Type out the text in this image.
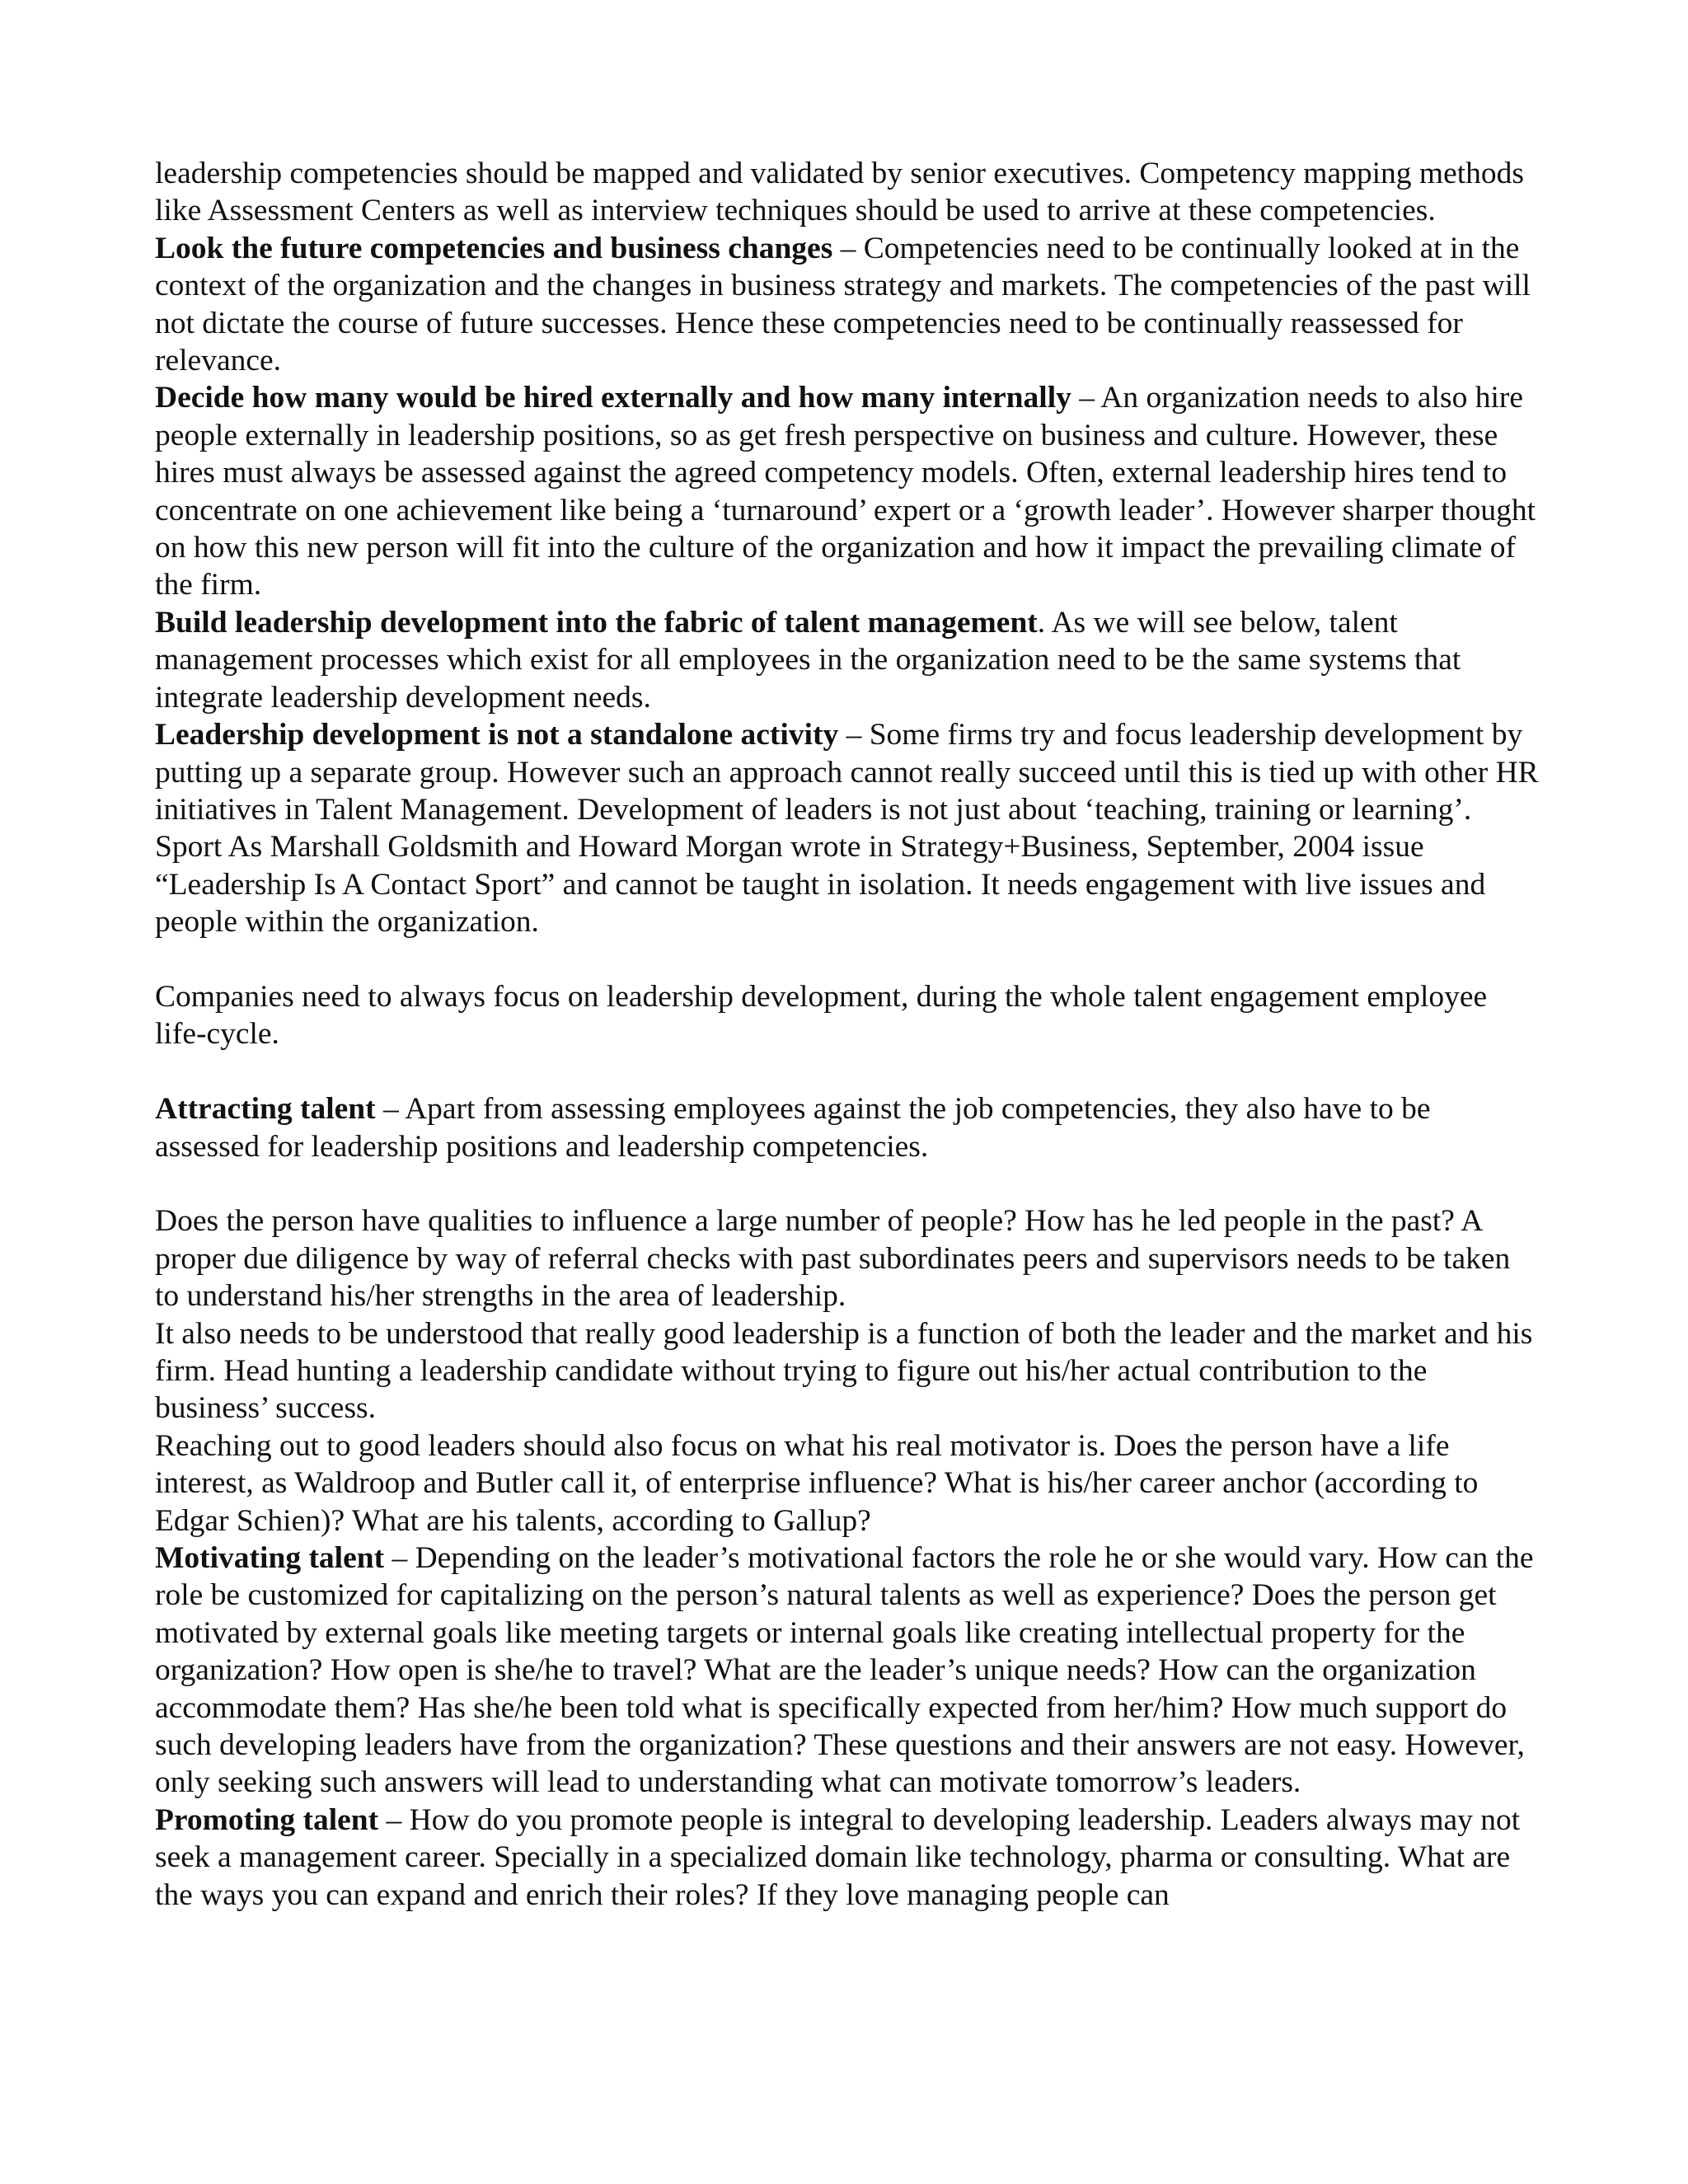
leadership competencies should be mapped and validated by senior executives. Competency mapping methods like Assessment Centers as well as interview techniques should be used to arrive at these competencies.

Look the future competencies and business changes – Competencies need to be continually looked at in the context of the organization and the changes in business strategy and markets. The competencies of the past will not dictate the course of future successes. Hence these competencies need to be continually reassessed for relevance.

Decide how many would be hired externally and how many internally – An organization needs to also hire people externally in leadership positions, so as get fresh perspective on business and culture. However, these hires must always be assessed against the agreed competency models. Often, external leadership hires tend to concentrate on one achievement like being a ‘turnaround’ expert or a ‘growth leader’. However sharper thought on how this new person will fit into the culture of the organization and how it impact the prevailing climate of the firm.

Build leadership development into the fabric of talent management. As we will see below, talent management processes which exist for all employees in the organization need to be the same systems that integrate leadership development needs.

Leadership development is not a standalone activity – Some firms try and focus leadership development by putting up a separate group. However such an approach cannot really succeed until this is tied up with other HR initiatives in Talent Management. Development of leaders is not just about ‘teaching, training or learning’. Sport As Marshall Goldsmith and Howard Morgan wrote in Strategy+Business, September, 2004 issue “Leadership Is A Contact Sport” and cannot be taught in isolation. It needs engagement with live issues and people within the organization.

Companies need to always focus on leadership development, during the whole talent engagement employee life-cycle.

Attracting talent – Apart from assessing employees against the job competencies, they also have to be assessed for leadership positions and leadership competencies.

Does the person have qualities to influence a large number of people? How has he led people in the past? A proper due diligence by way of referral checks with past subordinates peers and supervisors needs to be taken to understand his/her strengths in the area of leadership.

It also needs to be understood that really good leadership is a function of both the leader and the market and his firm. Head hunting a leadership candidate without trying to figure out his/her actual contribution to the business’ success.

Reaching out to good leaders should also focus on what his real motivator is. Does the person have a life interest, as Waldroop and Butler call it, of enterprise influence? What is his/her career anchor (according to Edgar Schien)? What are his talents, according to Gallup?

Motivating talent – Depending on the leader’s motivational factors the role he or she would vary. How can the role be customized for capitalizing on the person’s natural talents as well as experience? Does the person get motivated by external goals like meeting targets or internal goals like creating intellectual property for the organization? How open is she/he to travel? What are the leader’s unique needs? How can the organization accommodate them? Has she/he been told what is specifically expected from her/him? How much support do such developing leaders have from the organization? These questions and their answers are not easy. However, only seeking such answers will lead to understanding what can motivate tomorrow’s leaders.

Promoting talent – How do you promote people is integral to developing leadership. Leaders always may not seek a management career. Specially in a specialized domain like technology, pharma or consulting. What are the ways you can expand and enrich their roles? If they love managing people can
